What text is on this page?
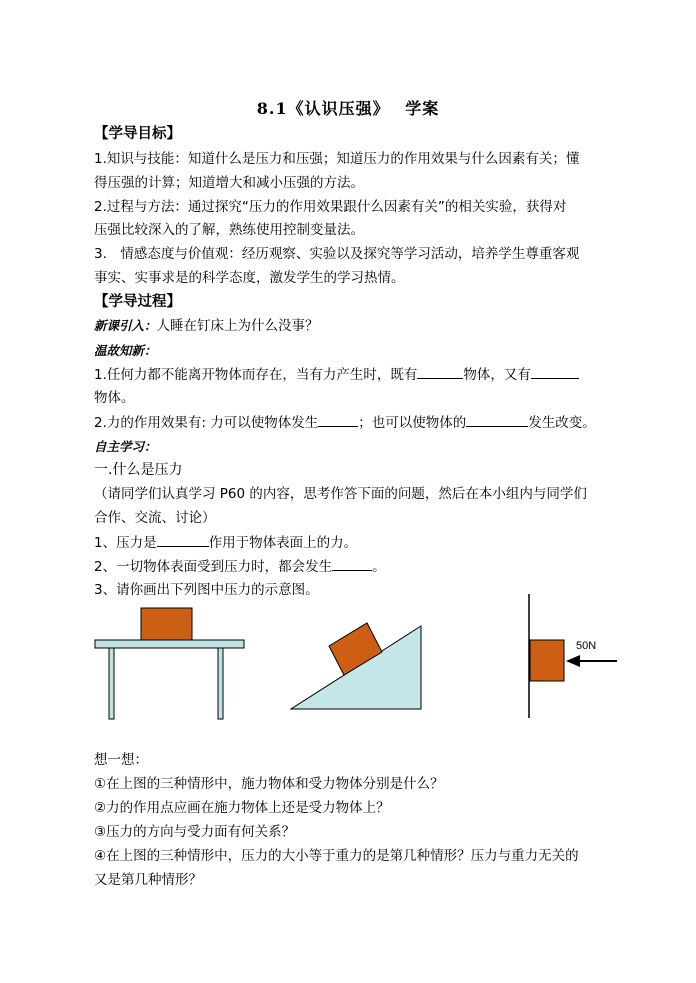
8.1《认识压强》　 学案
【学导目标】
1.知识与技能：知道什么是压力和压强；知道压力的作用效果与什么因素有关；懂
得压强的计算；知道增大和减小压强的方法。
2.过程与方法：通过探究“压力的作用效果跟什么因素有关”的相关实验，获得对
压强比较深入的了解，熟练使用控制变量法。
3.　情感态度与价值观：经历观察、实验以及探究等学习活动，培养学生尊重客观
事实、实事求是的科学态度，激发学生的学习热情。
【学导过程】
新课引入：人睡在钉床上为什么没事？
温故知新：
1.任何力都不能离开物体而存在，当有力产生时，既有	物体，又有
物体。
2.力的作用效果有: 力可以使物体发生	；也可以使物体的	发生改变。
自主学习：
一.什么是压力
（请同学们认真学习 P60 的内容，思考作答下面的问题，然后在本小组内与同学们
合作、交流、讨论）
1、压力是	作用于物体表面上的力。
2、一切物体表面受到压力时，都会发生	。
3、请你画出下列图中压力的示意图。
50N
想一想：
①在上图的三种情形中，施力物体和受力物体分别是什么？
②力的作用点应画在施力物体上还是受力物体上？
③压力的方向与受力面有何关系？
④在上图的三种情形中，压力的大小等于重力的是第几种情形？压力与重力无关的
又是第几种情形？
